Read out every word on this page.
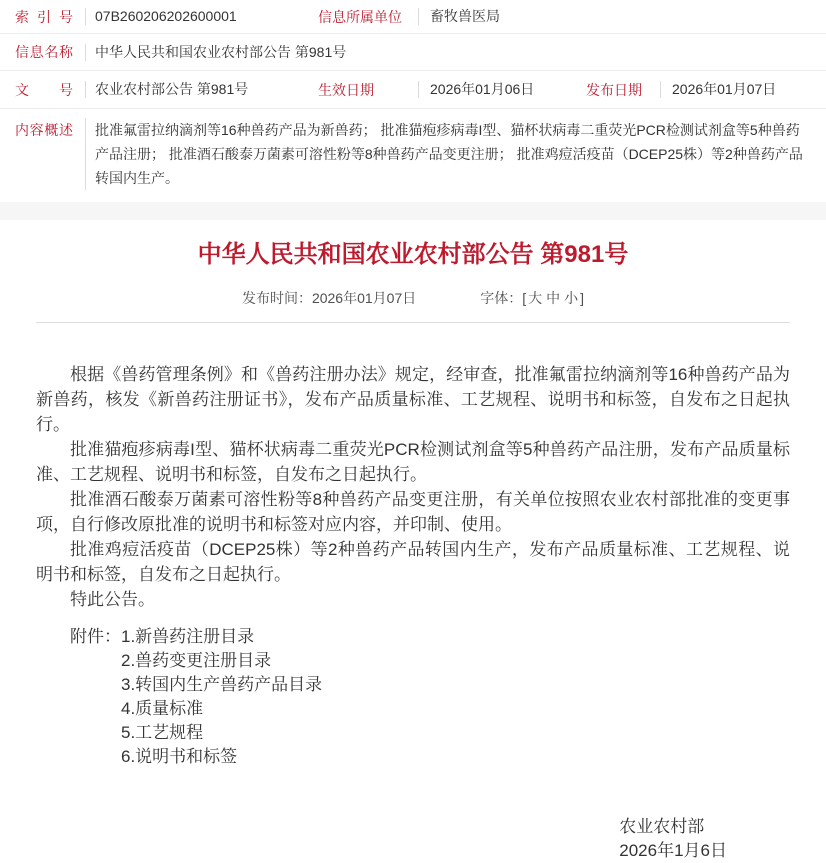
索引号	07B260206202600001	信息所属单位	畜牧兽医局
信息名称	中华人民共和国农业农村部公告 第981号
文号	农业农村部公告 第981号	生效日期	2026年01月06日	发布日期	2026年01月07日
内容概述	批准氟雷拉纳滴剂等16种兽药产品为新兽药； 批准猫疱疹病毒I型、猫杯状病毒二重荧光PCR检测试剂盒等5种兽药产品注册； 批准酒石酸泰万菌素可溶性粉等8种兽药产品变更注册； 批准鸡痘活疫苗（DCEP25株）等2种兽药产品转国内生产。
中华人民共和国农业农村部公告 第981号
发布时间：2026年01月07日	字体：[ 大 中 小 ]

根据《兽药管理条例》和《兽药注册办法》规定，经审查，批准氟雷拉纳滴剂等16种兽药产品为新兽药，核发《新兽药注册证书》，发布产品质量标准、工艺规程、说明书和标签，自发布之日起执行。

批准猫疱疹病毒I型、猫杯状病毒二重荧光PCR检测试剂盒等5种兽药产品注册，发布产品质量标准、工艺规程、说明书和标签，自发布之日起执行。

批准酒石酸泰万菌素可溶性粉等8种兽药产品变更注册，有关单位按照农业农村部批准的变更事项，自行修改原批准的说明书和标签对应内容，并印制、使用。

批准鸡痘活疫苗（DCEP25株）等2种兽药产品转国内生产，发布产品质量标准、工艺规程、说明书和标签，自发布之日起执行。

特此公告。

附件： 1.新兽药注册目录
2.兽药变更注册目录
3.转国内生产兽药产品目录
4.质量标准
5.工艺规程
6.说明书和标签
农业农村部
2026年1月6日
